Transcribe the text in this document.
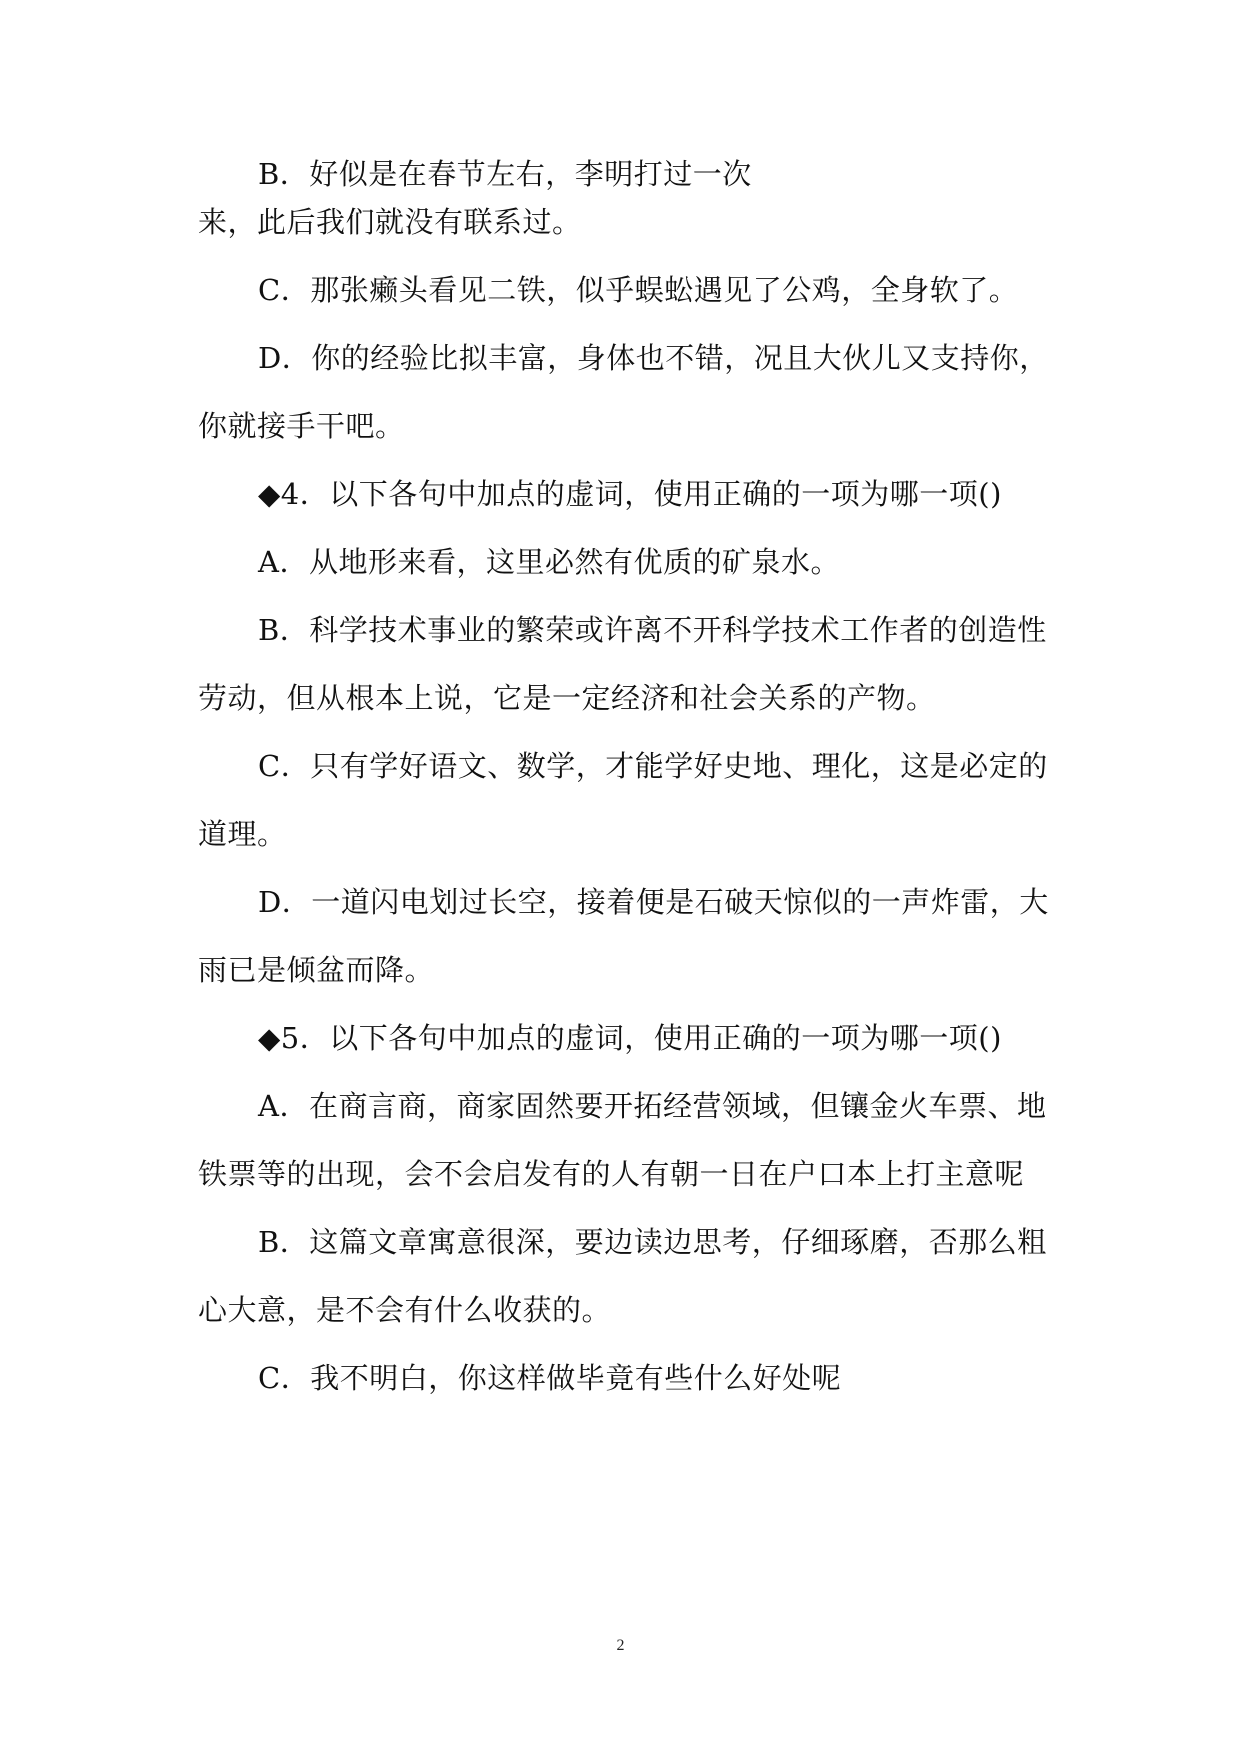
B．好似是在春节左右，李明打过一次
来，此后我们就没有联系过。
C．那张癞头看见二铁，似乎蜈蚣遇见了公鸡，全身软了。
D．你的经验比拟丰富，身体也不错，况且大伙儿又支持你，
你就接手干吧。
◆4．以下各句中加点的虚词，使用正确的一项为哪一项()
A．从地形来看，这里必然有优质的矿泉水。
B．科学技术事业的繁荣或许离不开科学技术工作者的创造性
劳动，但从根本上说，它是一定经济和社会关系的产物。
C．只有学好语文、数学，才能学好史地、理化，这是必定的
道理。
D．一道闪电划过长空，接着便是石破天惊似的一声炸雷，大
雨已是倾盆而降。
◆5．以下各句中加点的虚词，使用正确的一项为哪一项()
A．在商言商，商家固然要开拓经营领域，但镶金火车票、地
铁票等的出现，会不会启发有的人有朝一日在户口本上打主意呢
B．这篇文章寓意很深，要边读边思考，仔细琢磨，否那么粗
心大意，是不会有什么收获的。
C．我不明白，你这样做毕竟有些什么好处呢
2
